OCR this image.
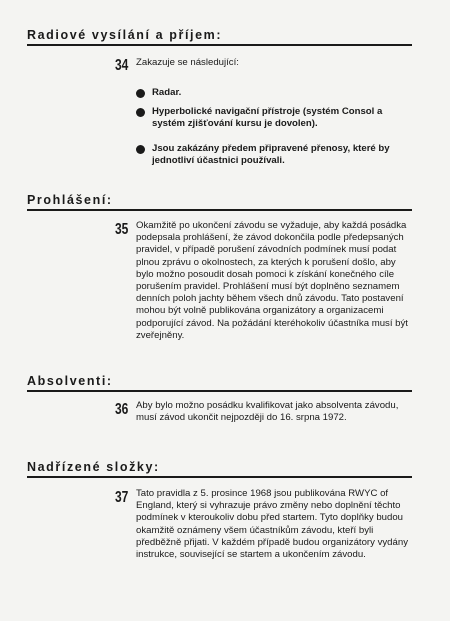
Radiové vysílání a příjem:
34 Zakazuje se následující:

Radar.

Hyperbolické navigační přístroje (systém Consol a systém zjišťování kursu je dovolen).

Jsou zakázány předem připravené přenosy, které by jednotliví účastnici používali.

Prohlášení:
35 Okamžitě po ukončení závodu se vyžaduje, aby každá posádka podepsala prohlášení, že závod dokončila podle předepsaných pravidel, v případě porušení závodních podmínek musí podat plnou zprávu o okolnostech, za kterých k porušení došlo, aby bylo možno posoudit dosah pomoci k získání konečného cíle porušením pravidel. Prohlášení musí být doplněno seznamem denních poloh jachty během všech dnů závodu. Tato postavení mohou být volně publikována organizátory a organizacemi podporující závod. Na požádání kteréhokoliv účastníka musí být zveřejněny.

Absolventi:
36 Aby bylo možno posádku kvalifikovat jako absolventa závodu, musí závod ukončit nejpozději do 16. srpna 1972.

Nadřízené složky:
37 Tato pravidla z 5. prosince 1968 jsou publikována RWYC of England, který si vyhrazuje právo změny nebo doplnění těchto podmínek v kteroukoliv dobu před startem. Tyto doplňky budou okamžitě oznámeny všem účastníkům závodu, kteří byli předběžně přijati. V každém případě budou organizátory vydány instrukce, související se startem a ukončením závodu.
